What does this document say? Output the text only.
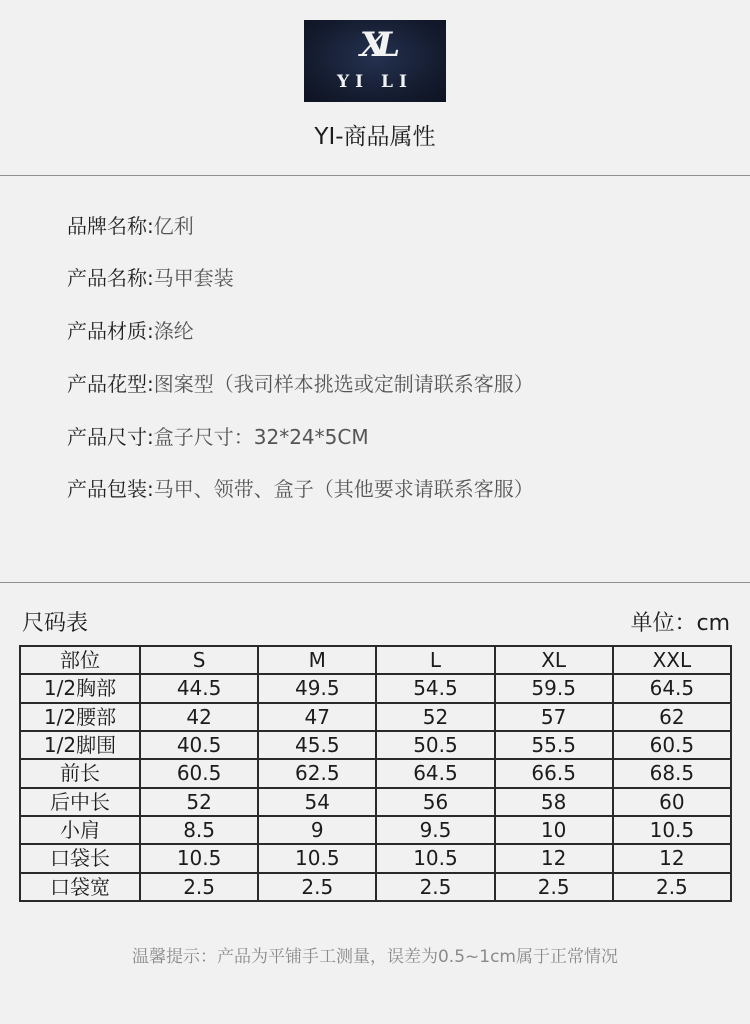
XL
YI LI
YI-商品属性
品牌名称:亿利
产品名称:马甲套装
产品材质:涤纶
产品花型:图案型（我司样本挑选或定制请联系客服）
产品尺寸:盒子尺寸：32*24*5CM
产品包装:马甲、领带、盒子（其他要求请联系客服）
尺码表	单位：cm
部位	S	M	L	XL	XXL
1/2胸部	44.5	49.5	54.5	59.5	64.5
1/2腰部	42	47	52	57	62
1/2脚围	40.5	45.5	50.5	55.5	60.5
前长	60.5	62.5	64.5	66.5	68.5
后中长	52	54	56	58	60
小肩	8.5	9	9.5	10	10.5
口袋长	10.5	10.5	10.5	12	12
口袋宽	2.5	2.5	2.5	2.5	2.5
温馨提示：产品为平铺手工测量，误差为0.5~1cm属于正常情况
